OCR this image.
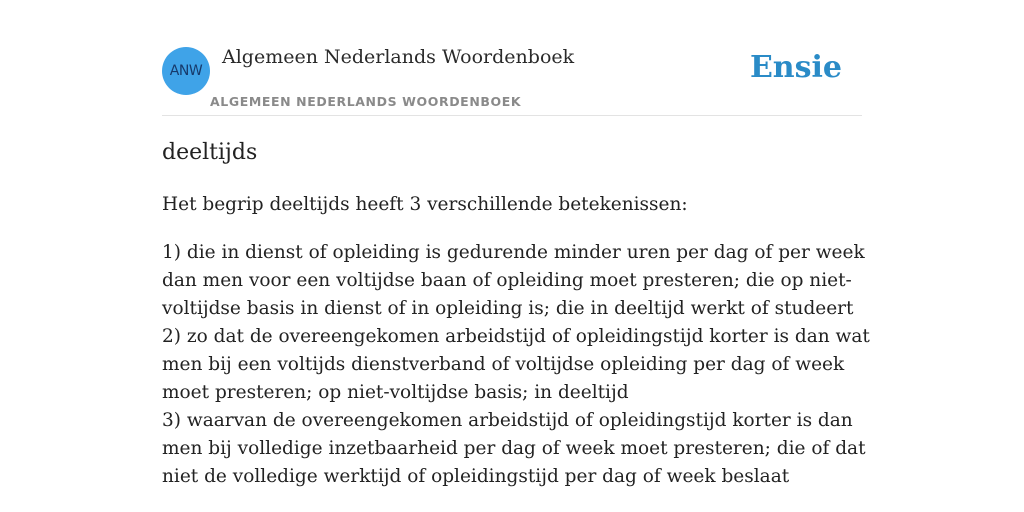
ANW
Algemeen Nederlands Woordenboek
ALGEMEEN NEDERLANDS WOORDENBOEK
Ensie
deeltijds
Het begrip deeltijds heeft 3 verschillende betekenissen:

1) die in dienst of opleiding is gedurende minder uren per dag of per week dan men voor een voltijdse baan of opleiding moet presteren; die op niet-voltijdse basis in dienst of in opleiding is; die in deeltijd werkt of studeert

2) zo dat de overeengekomen arbeidstijd of opleidingstijd korter is dan wat men bij een voltijds dienstverband of voltijdse opleiding per dag of week moet presteren; op niet-voltijdse basis; in deeltijd

3) waarvan de overeengekomen arbeidstijd of opleidingstijd korter is dan men bij volledige inzetbaarheid per dag of week moet presteren; die of dat niet de volledige werktijd of opleidingstijd per dag of week beslaat
